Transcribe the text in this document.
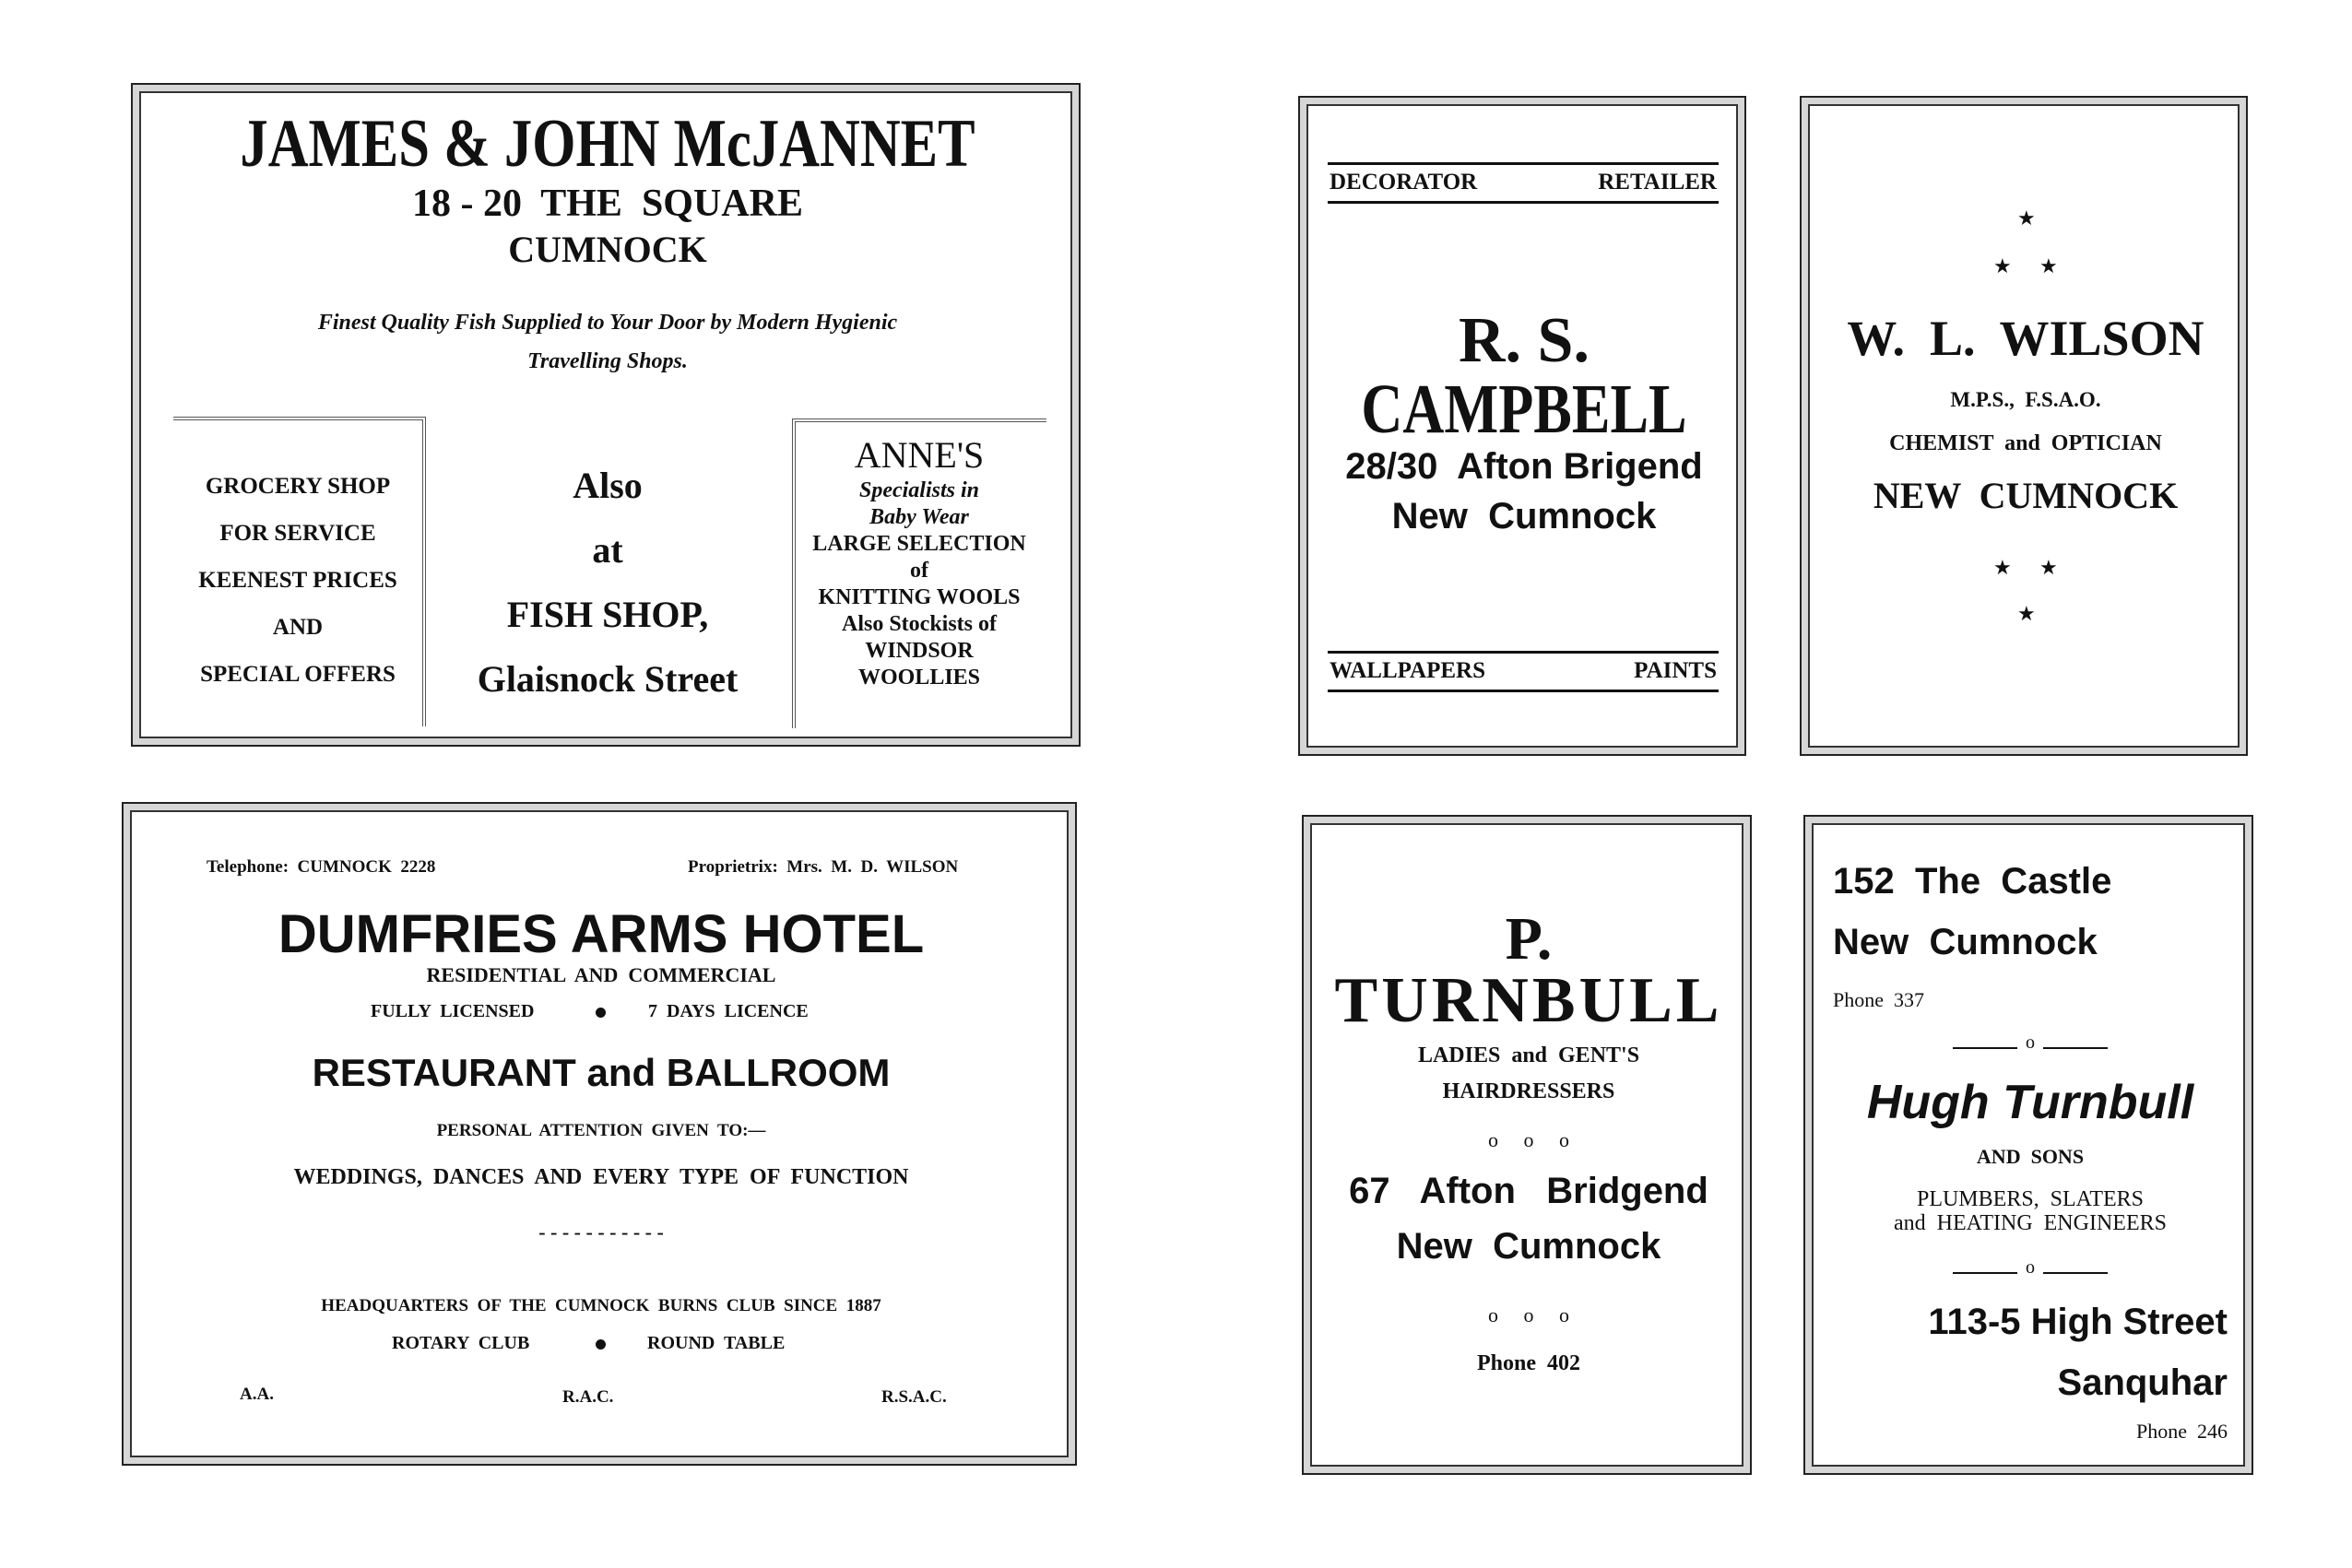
JAMES & JOHN McJANNET
18 - 20  THE  SQUARE
CUMNOCK
Finest Quality Fish Supplied to Your Door by Modern Hygienic
Travelling Shops.
GROCERY SHOP
FOR SERVICE
KEENEST PRICES
AND
SPECIAL OFFERS
Also
at
FISH SHOP,
Glaisnock Street
ANNE'S
Specialists in
Baby Wear
LARGE SELECTION
of
KNITTING WOOLS
Also Stockists of
WINDSOR
WOOLLIES
DECORATOR	RETAILER
R. S.
CAMPBELL
28/30  Afton Brigend
New  Cumnock
WALLPAPERS	PAINTS
★
★ ★
W.  L.  WILSON
M.P.S.,  F.S.A.O.
CHEMIST  and  OPTICIAN
NEW  CUMNOCK
★ ★
★
Telephone:  CUMNOCK  2228	Proprietrix:  Mrs.  M.  D.  WILSON
DUMFRIES ARMS HOTEL
RESIDENTIAL  AND  COMMERCIAL
FULLY  LICENSED	7  DAYS  LICENCE
RESTAURANT and BALLROOM
PERSONAL  ATTENTION  GIVEN  TO:—
WEDDINGS,  DANCES  AND  EVERY  TYPE  OF  FUNCTION
- - - - - - - - - - -
HEADQUARTERS  OF  THE  CUMNOCK  BURNS  CLUB  SINCE  1887
ROTARY  CLUB	ROUND  TABLE
A.A.	R.A.C.	R.S.A.C.
P.
TURNBULL
LADIES  and  GENT'S
HAIRDRESSERS
o     o     o
67   Afton   Bridgend
New  Cumnock
o     o     o
Phone  402
152  The  Castle
New  Cumnock
Phone  337
o
Hugh Turnbull
AND  SONS
PLUMBERS,  SLATERS
and  HEATING  ENGINEERS
o
113-5 High Street
Sanquhar
Phone  246
